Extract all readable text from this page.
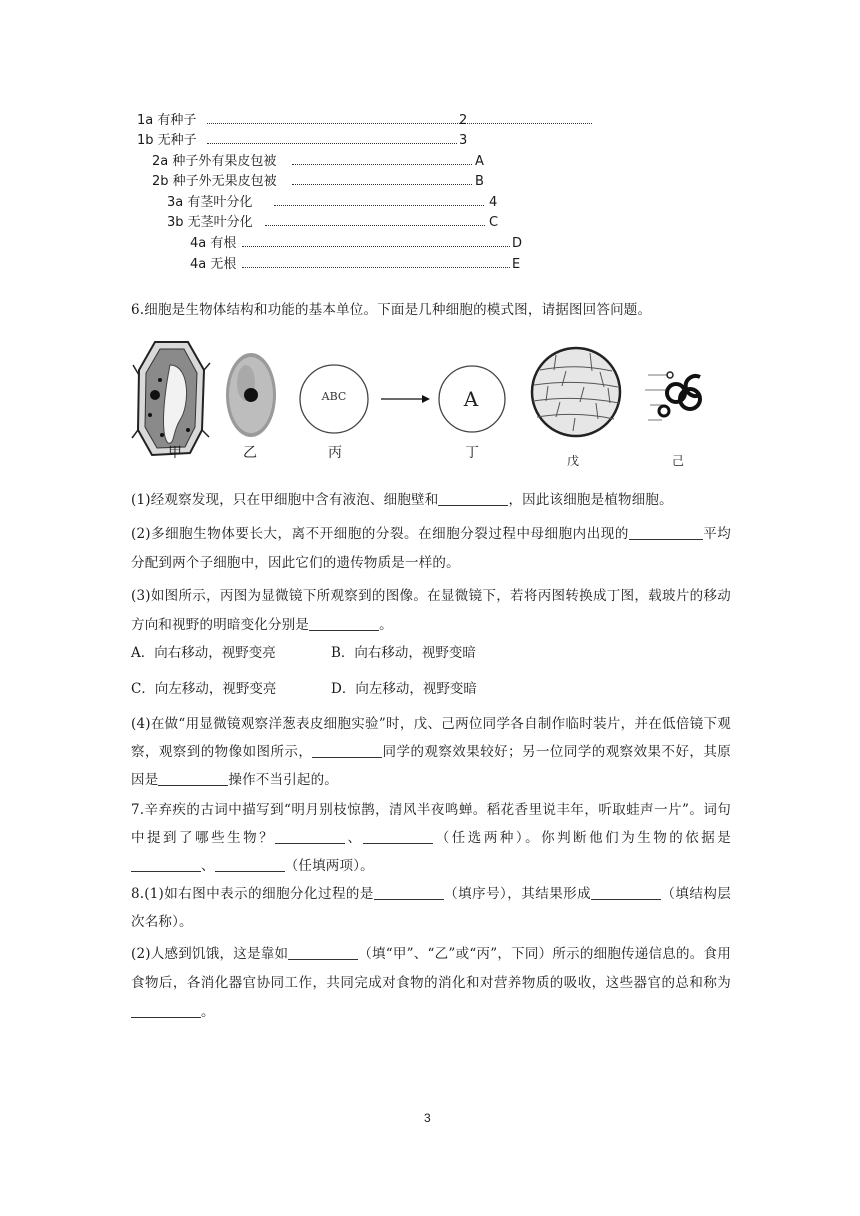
1a 有种子	2
1b 无种子	3
2a 种子外有果皮包被	A
2b 种子外无果皮包被	B
3a 有茎叶分化	4
3b 无茎叶分化	C
4a 有根	D
4a 无根	E
6.细胞是生物体结构和功能的基本单位。下面是几种细胞的模式图，请据图回答问题。
ABC	A
甲	乙	丙	丁	戊	己
(1)经观察发现，只在甲细胞中含有液泡、细胞壁和	，因此该细胞是植物细胞。
(2)多细胞生物体要长大，离不开细胞的分裂。在细胞分裂过程中母细胞内出现的	平均分配到两个子细胞中，因此它们的遗传物质是一样的。
(3)如图所示，丙图为显微镜下所观察到的图像。在显微镜下，若将丙图转换成丁图，载玻片的移动方向和视野的明暗变化分别是	。
A．向右移动，视野变亮	B．向右移动，视野变暗
C．向左移动，视野变亮	D．向左移动，视野变暗
(4)在做“用显微镜观察洋葱表皮细胞实验”时，戊、己两位同学各自制作临时装片，并在低倍镜下观察，观察到的物像如图所示，	同学的观察效果较好；另一位同学的观察效果不好，其原因是	操作不当引起的。
7.辛弃疾的古词中描写到“明月别枝惊鹊，清风半夜鸣蝉。稻花香里说丰年，听取蛙声一片”。词句中提到了哪些生物？	、	（任选两种）。你判断他们为生物的依据是、	（任填两项）。
8.(1)如右图中表示的细胞分化过程的是	（填序号），其结果形成	（填结构层次名称）。
(2)人感到饥饿，这是靠如	（填“甲”、“乙”或“丙”，下同）所示的细胞传递信息的。食用食物后，各消化器官协同工作，共同完成对食物的消化和对营养物质的吸收，这些器官的总和称为。
3
